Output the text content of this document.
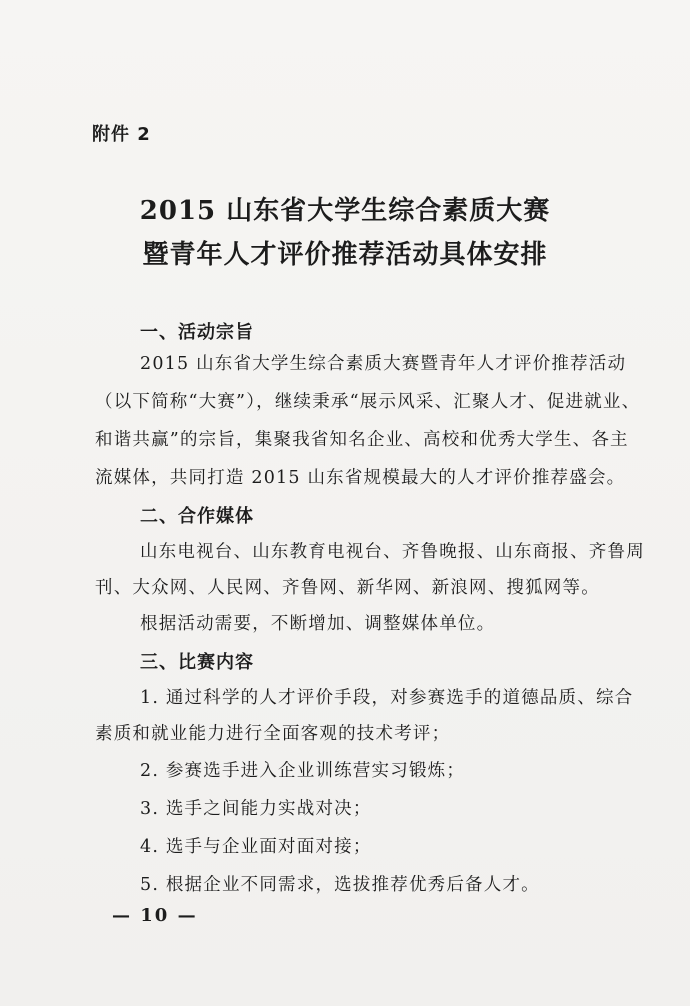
附件 2
2015 山东省大学生综合素质大赛
暨青年人才评价推荐活动具体安排
一、活动宗旨
2015 山东省大学生综合素质大赛暨青年人才评价推荐活动
（以下简称“大赛”），继续秉承“展示风采、汇聚人才、促进就业、
和谐共赢”的宗旨，集聚我省知名企业、高校和优秀大学生、各主
流媒体，共同打造 2015 山东省规模最大的人才评价推荐盛会。
二、合作媒体
山东电视台、山东教育电视台、齐鲁晚报、山东商报、齐鲁周
刊、大众网、人民网、齐鲁网、新华网、新浪网、搜狐网等。
根据活动需要，不断增加、调整媒体单位。
三、比赛内容
1. 通过科学的人才评价手段，对参赛选手的道德品质、综合
素质和就业能力进行全面客观的技术考评；
2. 参赛选手进入企业训练营实习锻炼；
3. 选手之间能力实战对决；
4. 选手与企业面对面对接；
5. 根据企业不同需求，选拔推荐优秀后备人才。
— 10 —
